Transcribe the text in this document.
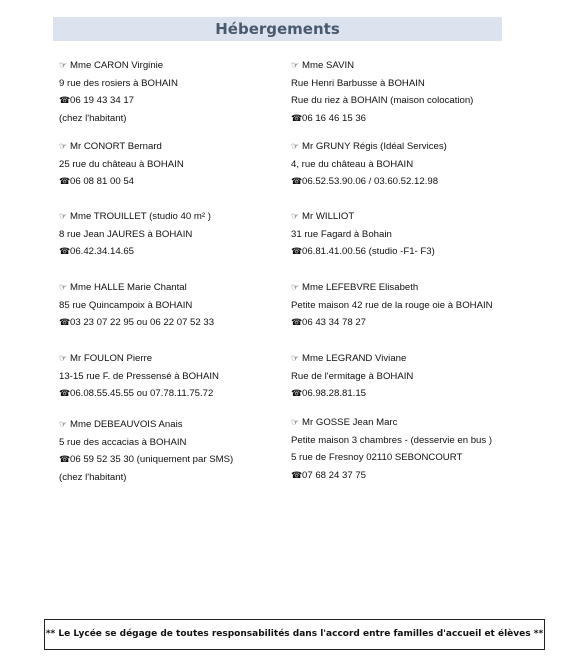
Hébergements
☞Mme CARON Virginie
9 rue des rosiers à BOHAIN
☎06 19 43 34 17
(chez l'habitant)
☞Mr CONORT Bernard
25 rue du château à BOHAIN
☎06 08 81 00 54
☞Mme TROUILLET (studio 40 m² )
8 rue Jean JAURES à BOHAIN
☎06.42.34.14.65
☞Mme HALLE Marie Chantal
85 rue Quincampoix à BOHAIN
☎03 23 07 22 95 ou 06 22 07 52 33
☞Mr FOULON Pierre
13-15 rue F. de Pressensé à BOHAIN
☎06.08.55.45.55 ou 07.78.11.75.72
☞Mme DEBEAUVOIS Anais
5 rue des accacias à BOHAIN
☎06 59 52 35 30 (uniquement par SMS)
(chez l'habitant)
☞Mme SAVIN
Rue Henri Barbusse à BOHAIN
Rue du riez à BOHAIN (maison colocation)
☎06 16 46 15 36
☞Mr GRUNY Régis (Idéal Services)
4, rue du château à BOHAIN
☎06.52.53.90.06 / 03.60.52.12.98
☞Mr WILLIOT
31 rue Fagard à Bohain
☎06.81.41.00.56 (studio -F1- F3)
☞Mme LEFEBVRE Elisabeth
Petite maison 42 rue de la rouge oie à BOHAIN
☎06 43 34 78 27
☞Mme LEGRAND Viviane
Rue de l'ermitage à BOHAIN
☎06.98.28.81.15
☞Mr GOSSE Jean Marc
Petite maison 3 chambres - (desservie en bus )
5 rue de Fresnoy 02110 SEBONCOURT
☎07 68 24 37 75
** Le Lycée se dégage de toutes responsabilités dans l'accord entre familles d'accueil et élèves **
